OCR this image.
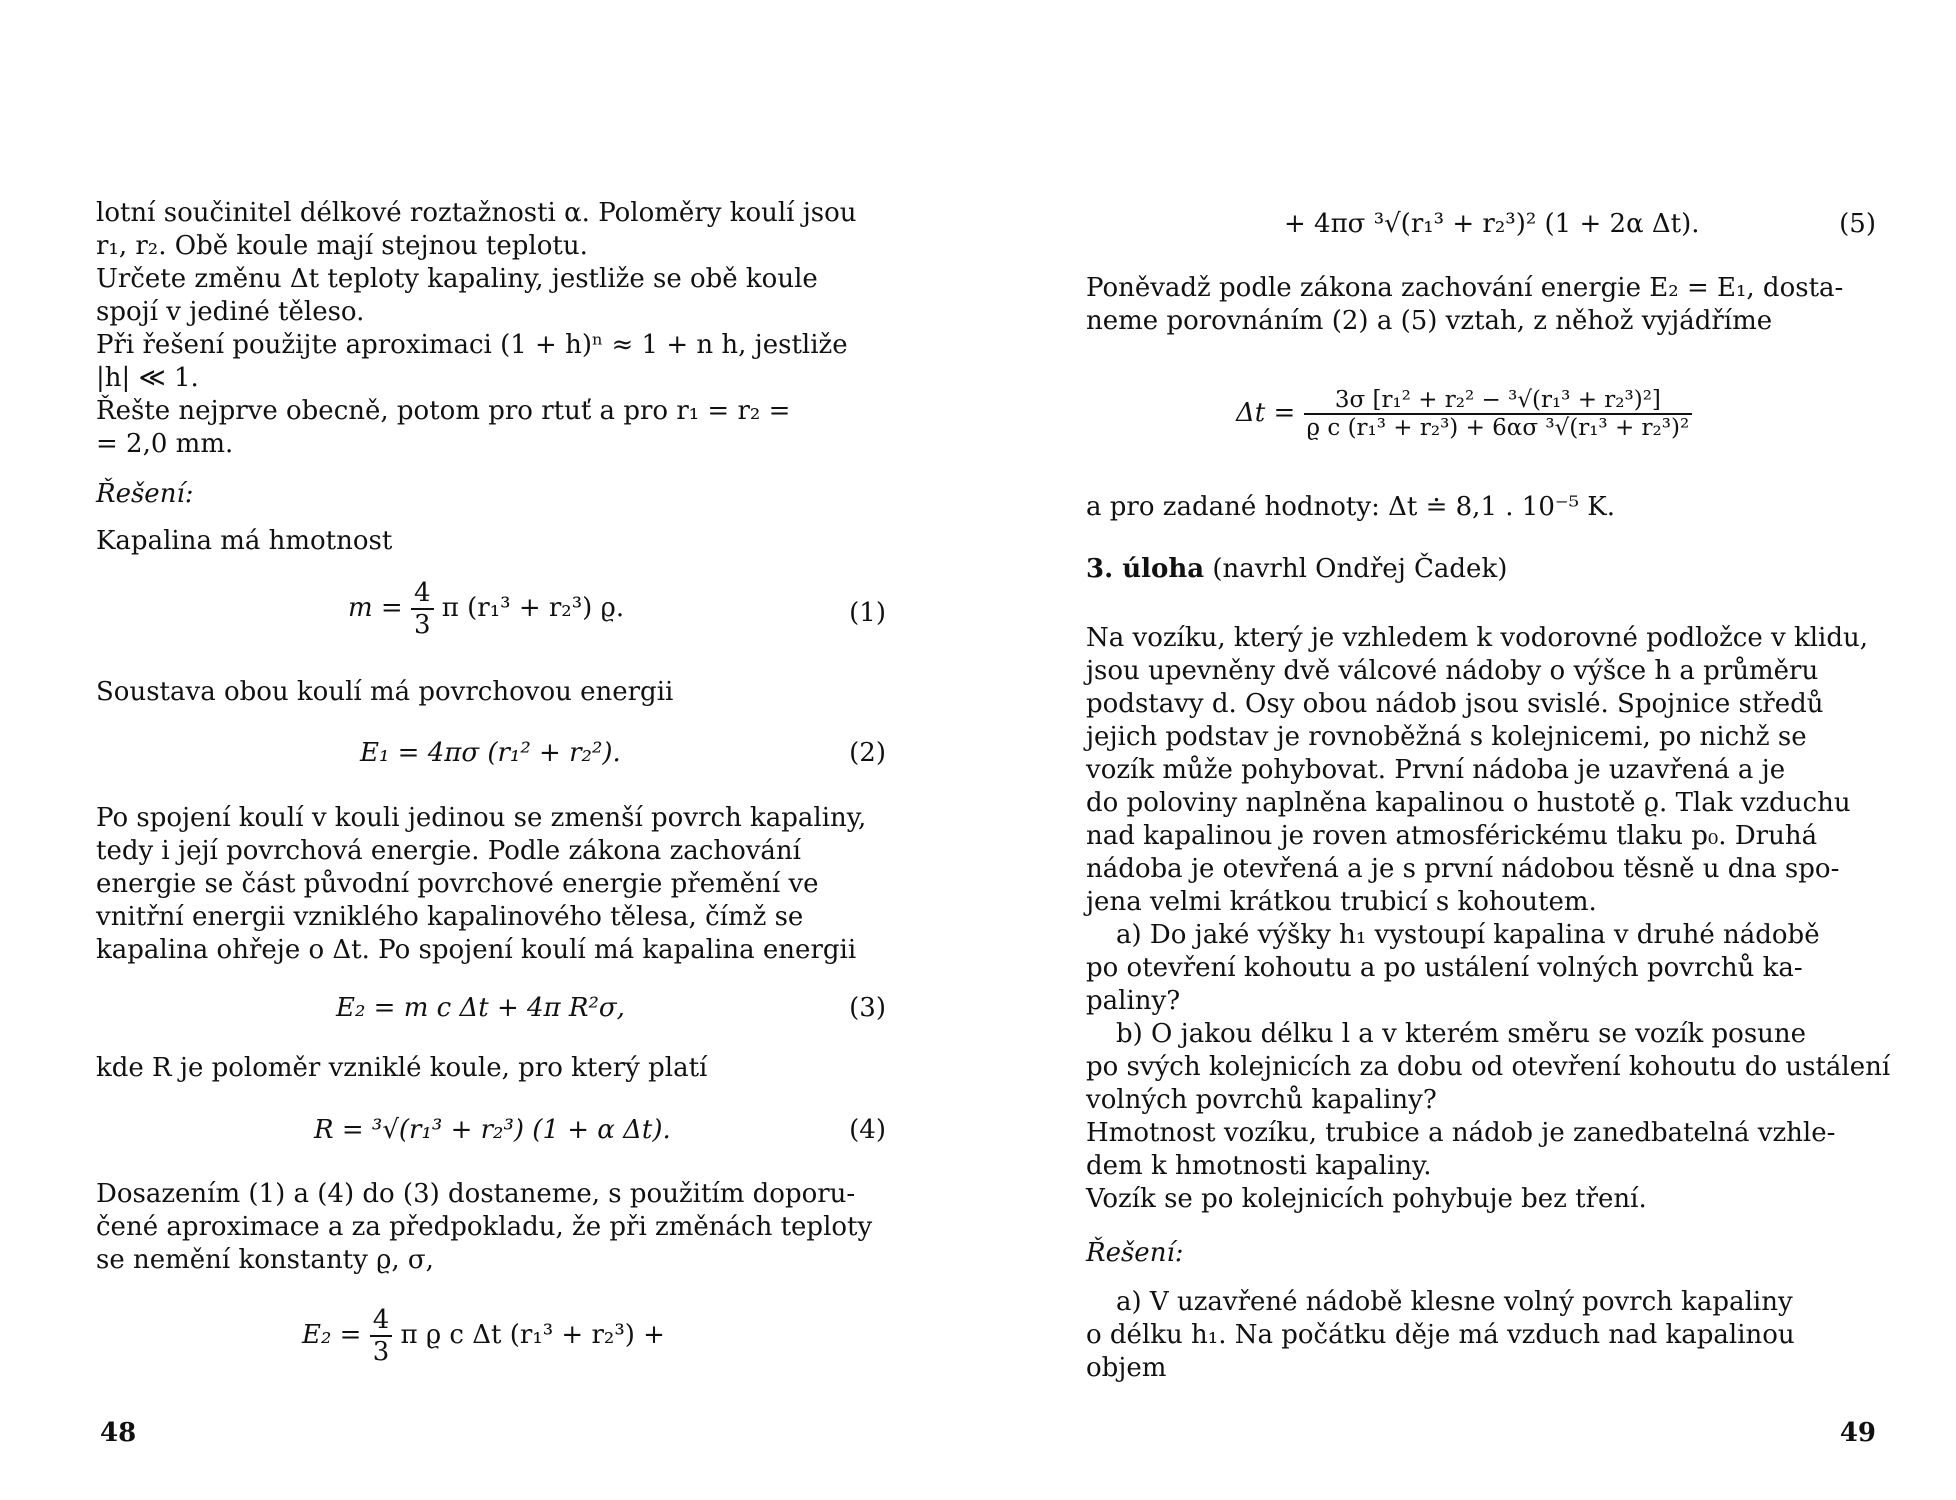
lotní součinitel délkové roztažnosti α. Poloměry koulí jsou
r₁, r₂. Obě koule mají stejnou teplotu.
Určete změnu Δt teploty kapaliny, jestliže se obě koule
spojí v jediné těleso.
Při řešení použijte aproximaci (1 + h)ⁿ ≈ 1 + n h, jestliže
|h| ≪ 1.
Řešte nejprve obecně, potom pro rtuť a pro r₁ = r₂ =
= 2,0 mm.

Řešení:

Kapalina má hmotnost

$m = \frac{4}{3}$ π (r₁³ + r₂³) ϱ.	(1)

Soustava obou koulí má povrchovou energii

E₁ = 4πσ (r₁² + r₂²).	(2)

Po spojení koulí v kouli jedinou se zmenší povrch kapaliny,
tedy i její povrchová energie. Podle zákona zachování
energie se část původní povrchové energie přemění ve
vnitřní energii vzniklého kapalinového tělesa, čímž se
kapalina ohřeje o Δt. Po spojení koulí má kapalina energii

E₂ = m c Δt + 4π R²σ,	(3)

kde R je poloměr vzniklé koule, pro který platí

R = ³√(r₁³ + r₂³) (1 + α Δt).	(4)

Dosazením (1) a (4) do (3) dostaneme, s použitím doporu-
čené aproximace a za předpokladu, že při změnách teploty
se nemění konstanty ϱ, σ,

$E_2 = \frac{4}{3}$ π ϱ c Δt (r₁³ + r₂³) +
48
+ 4πσ ³√(r₁³ + r₂³)² (1 + 2α Δt).	(5)

Poněvadž podle zákona zachování energie E₂ = E₁, dosta-
neme porovnáním (2) a (5) vztah, z něhož vyjádříme

$\Delta t = \frac{\text{3σ [r₁² + r₂² − ³√(r₁³ + r₂³)²]}}{\text{ϱ c (r₁³ + r₂³) + 6ασ ³√(r₁³ + r₂³)²}}$

a pro zadané hodnoty: Δt ≐ 8,1 . 10⁻⁵ K.

3. úloha (navrhl Ondřej Čadek)

Na vozíku, který je vzhledem k vodorovné podložce v klidu,
jsou upevněny dvě válcové nádoby o výšce h a průměru
podstavy d. Osy obou nádob jsou svislé. Spojnice středů
jejich podstav je rovnoběžná s kolejnicemi, po nichž se
vozík může pohybovat. První nádoba je uzavřená a je
do poloviny naplněna kapalinou o hustotě ϱ. Tlak vzduchu
nad kapalinou je roven atmosférickému tlaku p₀. Druhá
nádoba je otevřená a je s první nádobou těsně u dna spo-
jena velmi krátkou trubicí s kohoutem.

a) Do jaké výšky h₁ vystoupí kapalina v druhé nádobě
po otevření kohoutu a po ustálení volných povrchů ka-
paliny?

b) O jakou délku l a v kterém směru se vozík posune
po svých kolejnicích za dobu od otevření kohoutu do ustálení
volných povrchů kapaliny?

Hmotnost vozíku, trubice a nádob je zanedbatelná vzhle-
dem k hmotnosti kapaliny.
Vozík se po kolejnicích pohybuje bez tření.

Řešení:

a) V uzavřené nádobě klesne volný povrch kapaliny
o délku h₁. Na počátku děje má vzduch nad kapalinou
objem

49
